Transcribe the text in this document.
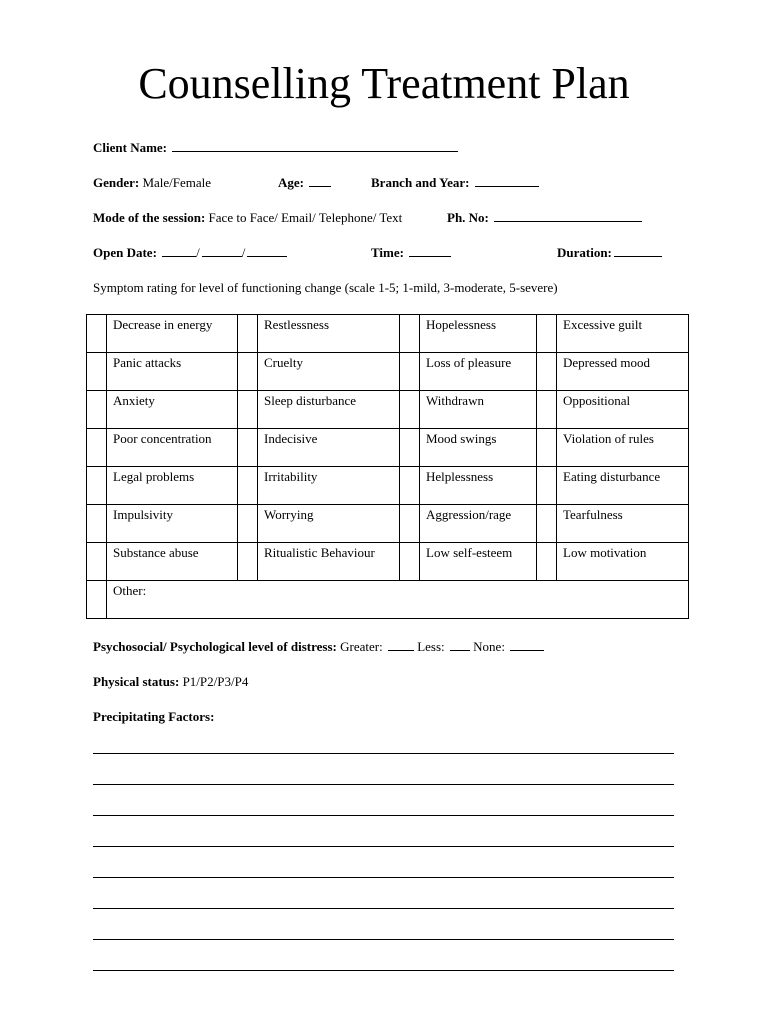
Counselling Treatment Plan
Client Name:
Gender: Male/Female	Age:	Branch and Year:
Mode of the session: Face to Face/ Email/ Telephone/ Text	Ph. No:
Open Date:	/	/	Time:	Duration:
Symptom rating for level of functioning change (scale 1-5; 1-mild, 3-moderate, 5-severe)
	Decrease in energy		Restlessness		Hopelessness		Excessive guilt
	Panic attacks		Cruelty		Loss of pleasure		Depressed mood
	Anxiety		Sleep disturbance		Withdrawn		Oppositional
	Poor concentration		Indecisive		Mood swings		Violation of rules
	Legal problems		Irritability		Helplessness		Eating disturbance
	Impulsivity		Worrying		Aggression/rage		Tearfulness
	Substance abuse		Ritualistic Behaviour		Low self-esteem		Low motivation
	Other:						
Psychosocial/ Psychological level of distress: Greater:	Less: None:
Physical status: P1/P2/P3/P4
Precipitating Factors:
